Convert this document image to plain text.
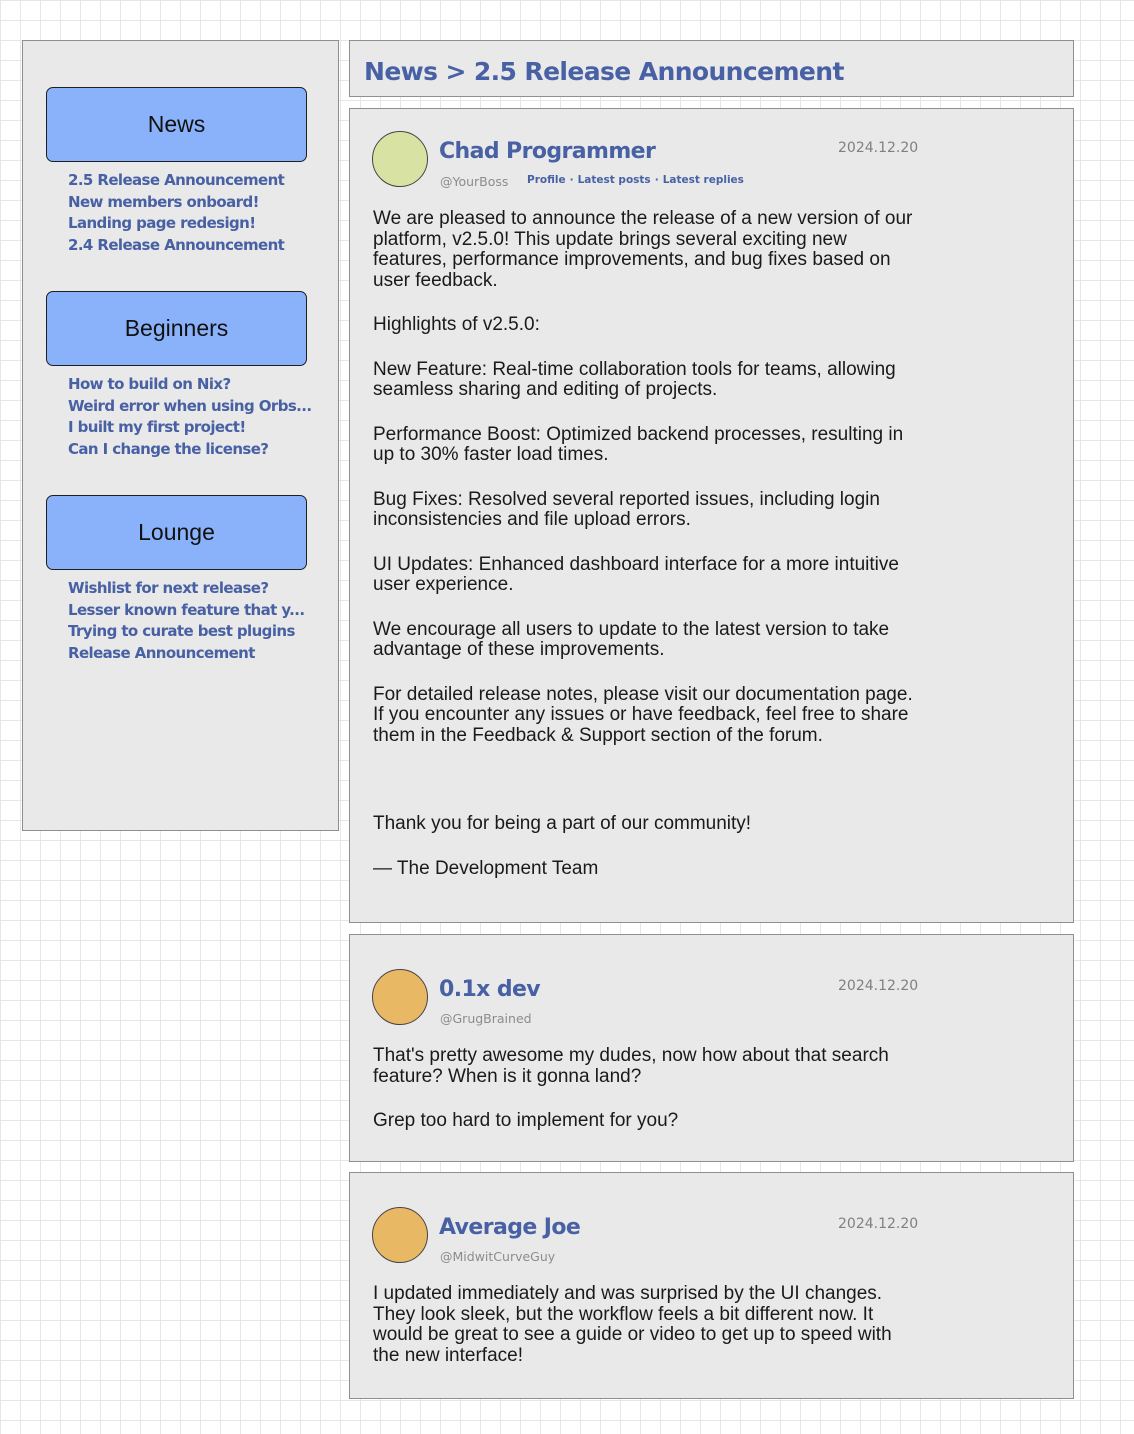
News
2.5 Release Announcement
New members onboard!
Landing page redesign!
2.4 Release Announcement
Beginners
How to build on Nix?
Weird error when using Orbs...
I built my first project!
Can I change the license?
Lounge
Wishlist for next release?
Lesser known feature that y...
Trying to curate best plugins
Release Announcement
News > 2.5 Release Announcement
Chad Programmer
@YourBoss Profile · Latest posts · Latest replies
2024.12.20

We are pleased to announce the release of a new version of our platform, v2.5.0! This update brings several exciting new features, performance improvements, and bug fixes based on user feedback.

Highlights of v2.5.0:

New Feature: Real-time collaboration tools for teams, allowing seamless sharing and editing of projects.

Performance Boost: Optimized backend processes, resulting in up to 30% faster load times.

Bug Fixes: Resolved several reported issues, including login inconsistencies and file upload errors.

UI Updates: Enhanced dashboard interface for a more intuitive user experience.

We encourage all users to update to the latest version to take advantage of these improvements.

For detailed release notes, please visit our documentation page. If you encounter any issues or have feedback, feel free to share them in the Feedback & Support section of the forum.

Thank you for being a part of our community!

— The Development Team

0.1x dev
@GrugBrained
2024.12.20

That's pretty awesome my dudes, now how about that search feature? When is it gonna land?

Grep too hard to implement for you?

Average Joe
@MidwitCurveGuy
2024.12.20

I updated immediately and was surprised by the UI changes. They look sleek, but the workflow feels a bit different now. It would be great to see a guide or video to get up to speed with the new interface!
